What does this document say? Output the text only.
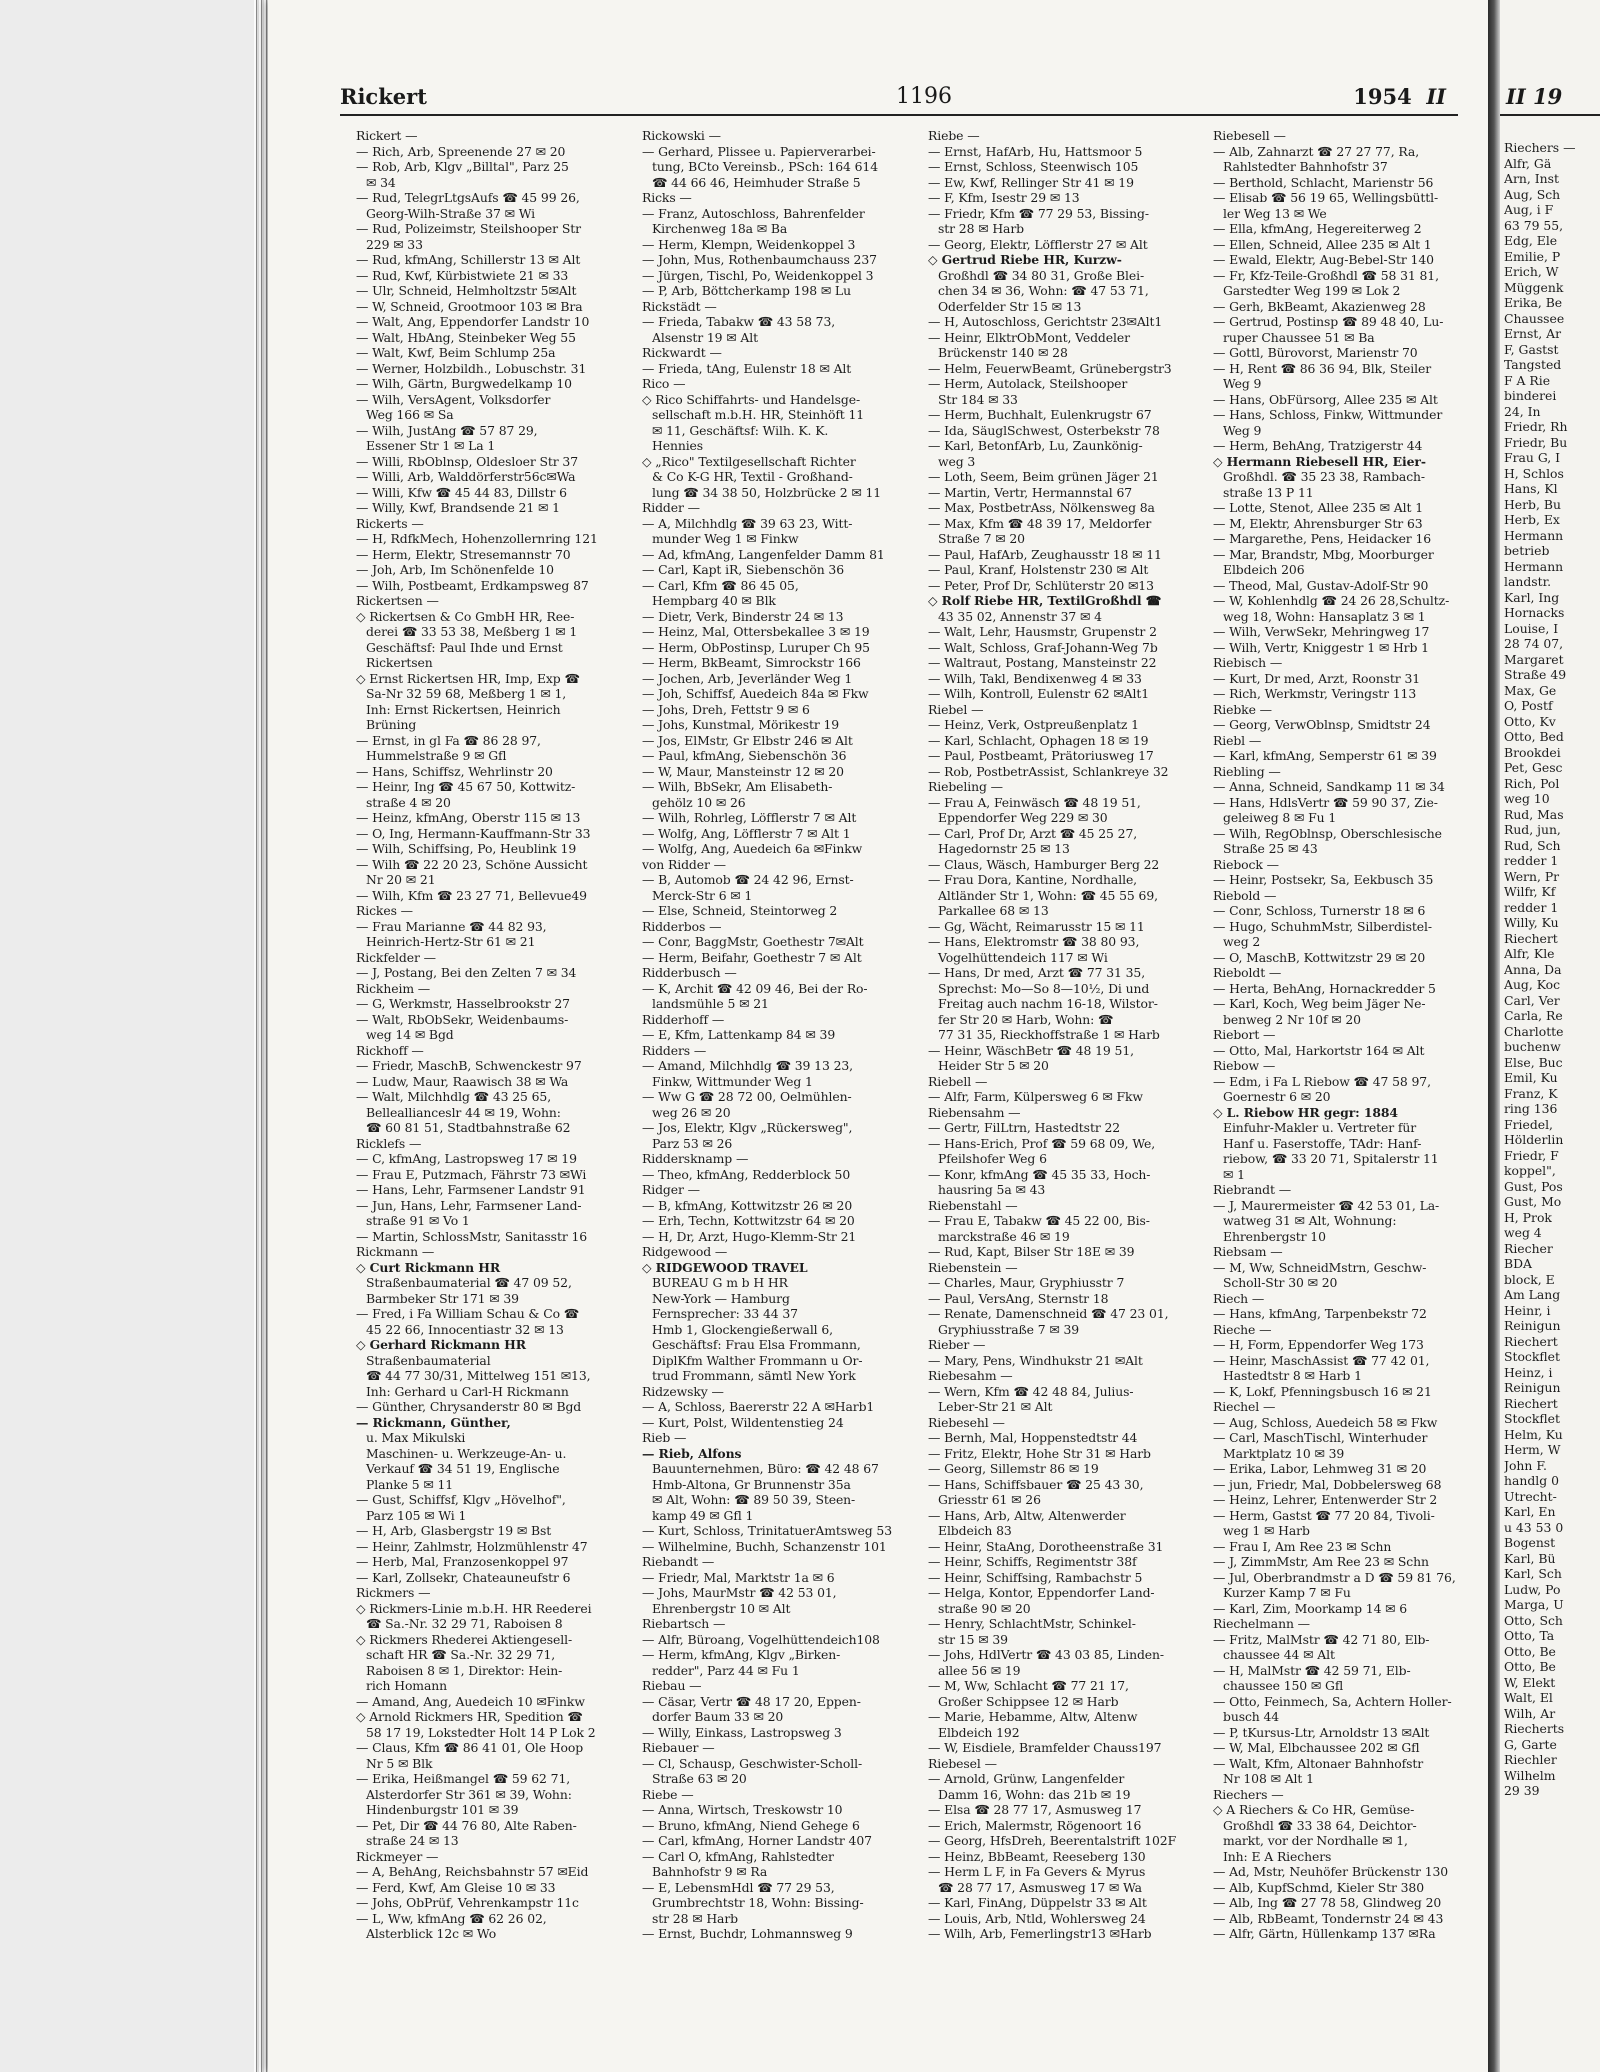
Rickert	1196	1954 II
Rickert —
— Rich, Arb, Spreenende 27 ✉ 20
— Rob, Arb, Klgv „Billtal", Parz 25
✉ 34
— Rud, TelegrLtgsAufs ☎ 45 99 26,
Georg-Wilh-Straße 37 ✉ Wi
— Rud, Polizeimstr, Steilshooper Str
229 ✉ 33
— Rud, kfmAng, Schillerstr 13 ✉ Alt
— Rud, Kwf, Kürbistwiete 21 ✉ 33
— Ulr, Schneid, Helmholtzstr 5✉Alt
— W, Schneid, Grootmoor 103 ✉ Bra
— Walt, Ang, Eppendorfer Landstr 10
— Walt, HbAng, Steinbeker Weg 55
— Walt, Kwf, Beim Schlump 25a
— Werner, Holzbildh., Lobuschstr. 31
— Wilh, Gärtn, Burgwedelkamp 10
— Wilh, VersAgent, Volksdorfer
Weg 166 ✉ Sa
— Wilh, JustAng ☎ 57 87 29,
Essener Str 1 ✉ La 1
— Willi, RbOblnsp, Oldesloer Str 37
— Willi, Arb, Walddörferstr56c✉Wa
— Willi, Kfw ☎ 45 44 83, Dillstr 6
— Willy, Kwf, Brandsende 21 ✉ 1
Rickerts —
— H, RdfkMech, Hohenzollernring 121
— Herm, Elektr, Stresemannstr 70
— Joh, Arb, Im Schönenfelde 10
— Wilh, Postbeamt, Erdkampsweg 87
Rickertsen —
◇ Rickertsen & Co GmbH HR, Ree-
derei ☎ 33 53 38, Meßberg 1 ✉ 1
Geschäftsf: Paul Ihde und Ernst
Rickertsen
◇ Ernst Rickertsen HR, Imp, Exp ☎
Sa-Nr 32 59 68, Meßberg 1 ✉ 1,
Inh: Ernst Rickertsen, Heinrich
Brüning
— Ernst, in gl Fa ☎ 86 28 97,
Hummelstraße 9 ✉ Gfl
— Hans, Schiffsz, Wehrlinstr 20
— Heinr, Ing ☎ 45 67 50, Kottwitz-
straße 4 ✉ 20
— Heinz, kfmAng, Oberstr 115 ✉ 13
— O, Ing, Hermann-Kauffmann-Str 33
— Wilh, Schiffsing, Po, Heublink 19
— Wilh ☎ 22 20 23, Schöne Aussicht
Nr 20 ✉ 21
— Wilh, Kfm ☎ 23 27 71, Bellevue49
Rickes —
— Frau Marianne ☎ 44 82 93,
Heinrich-Hertz-Str 61 ✉ 21
Rickfelder —
— J, Postang, Bei den Zelten 7 ✉ 34
Rickheim —
— G, Werkmstr, Hasselbrookstr 27
— Walt, RbObSekr, Weidenbaums-
weg 14 ✉ Bgd
Rickhoff —
— Friedr, MaschB, Schwenckestr 97
— Ludw, Maur, Raawisch 38 ✉ Wa
— Walt, Milchhdlg ☎ 43 25 65,
Belleallianceslr 44 ✉ 19, Wohn:
☎ 60 81 51, Stadtbahnstraße 62
Ricklefs —
— C, kfmAng, Lastropsweg 17 ✉ 19
— Frau E, Putzmach, Fährstr 73 ✉Wi
— Hans, Lehr, Farmsener Landstr 91
— Jun, Hans, Lehr, Farmsener Land-
straße 91 ✉ Vo 1
— Martin, SchlossMstr, Sanitasstr 16
Rickmann —
◇ Curt Rickmann HR
Straßenbaumaterial ☎ 47 09 52,
Barmbeker Str 171 ✉ 39
— Fred, i Fa William Schau & Co ☎
45 22 66, Innocentiastr 32 ✉ 13
◇ Gerhard Rickmann HR
Straßenbaumaterial
☎ 44 77 30/31, Mittelweg 151 ✉13,
Inh: Gerhard u Carl-H Rickmann
— Günther, Chrysanderstr 80 ✉ Bgd
— Rickmann, Günther,
u. Max Mikulski
Maschinen- u. Werkzeuge-An- u.
Verkauf ☎ 34 51 19, Englische
Planke 5 ✉ 11
— Gust, Schiffsf, Klgv „Hövelhof",
Parz 105 ✉ Wi 1
— H, Arb, Glasbergstr 19 ✉ Bst
— Heinr, Zahlmstr, Holzmühlenstr 47
— Herb, Mal, Franzosenkoppel 97
— Karl, Zollsekr, Chateauneufstr 6
Rickmers —
◇ Rickmers-Linie m.b.H. HR Reederei
☎ Sa.-Nr. 32 29 71, Raboisen 8
◇ Rickmers Rhederei Aktiengesell-
schaft HR ☎ Sa.-Nr. 32 29 71,
Raboisen 8 ✉ 1, Direktor: Hein-
rich Homann
— Amand, Ang, Auedeich 10 ✉Finkw
◇ Arnold Rickmers HR, Spedition ☎
58 17 19, Lokstedter Holt 14 P Lok 2
— Claus, Kfm ☎ 86 41 01, Ole Hoop
Nr 5 ✉ Blk
— Erika, Heißmangel ☎ 59 62 71,
Alsterdorfer Str 361 ✉ 39, Wohn:
Hindenburgstr 101 ✉ 39
— Pet, Dir ☎ 44 76 80, Alte Raben-
straße 24 ✉ 13
Rickmeyer —
— A, BehAng, Reichsbahnstr 57 ✉Eid
— Ferd, Kwf, Am Gleise 10 ✉ 33
— Johs, ObPrüf, Vehrenkampstr 11c
— L, Ww, kfmAng ☎ 62 26 02,
Alsterblick 12c ✉ Wo
Rickowski —
— Gerhard, Plissee u. Papierverarbei-
tung, BCto Vereinsb., PSch: 164 614
☎ 44 66 46, Heimhuder Straße 5
Ricks —
— Franz, Autoschloss, Bahrenfelder
Kirchenweg 18a ✉ Ba
— Herm, Klempn, Weidenkoppel 3
— John, Mus, Rothenbaumchauss 237
— Jürgen, Tischl, Po, Weidenkoppel 3
— P, Arb, Böttcherkamp 198 ✉ Lu
Rickstädt —
— Frieda, Tabakw ☎ 43 58 73,
Alsenstr 19 ✉ Alt
Rickwardt —
— Frieda, tAng, Eulenstr 18 ✉ Alt
Rico —
◇ Rico Schiffahrts- und Handelsge-
sellschaft m.b.H. HR, Steinhöft 11
✉ 11, Geschäftsf: Wilh. K. K.
Hennies
◇ „Rico" Textilgesellschaft Richter
& Co K-G HR, Textil - Großhand-
lung ☎ 34 38 50, Holzbrücke 2 ✉ 11
Ridder —
— A, Milchhdlg ☎ 39 63 23, Witt-
munder Weg 1 ✉ Finkw
— Ad, kfmAng, Langenfelder Damm 81
— Carl, Kapt iR, Siebenschön 36
— Carl, Kfm ☎ 86 45 05,
Hempbarg 40 ✉ Blk
— Dietr, Verk, Binderstr 24 ✉ 13
— Heinz, Mal, Ottersbekallee 3 ✉ 19
— Herm, ObPostinsp, Luruper Ch 95
— Herm, BkBeamt, Simrockstr 166
— Jochen, Arb, Jeverländer Weg 1
— Joh, Schiffsf, Auedeich 84a ✉ Fkw
— Johs, Dreh, Fettstr 9 ✉ 6
— Johs, Kunstmal, Mörikestr 19
— Jos, ElMstr, Gr Elbstr 246 ✉ Alt
— Paul, kfmAng, Siebenschön 36
— W, Maur, Mansteinstr 12 ✉ 20
— Wilh, BbSekr, Am Elisabeth-
gehölz 10 ✉ 26
— Wilh, Rohrleg, Löfflerstr 7 ✉ Alt
— Wolfg, Ang, Löfflerstr 7 ✉ Alt 1
— Wolfg, Ang, Auedeich 6a ✉Finkw
von Ridder —
— B, Automob ☎ 24 42 96, Ernst-
Merck-Str 6 ✉ 1
— Else, Schneid, Steintorweg 2
Ridderbos —
— Conr, BaggMstr, Goethestr 7✉Alt
— Herm, Beifahr, Goethestr 7 ✉ Alt
Ridderbusch —
— K, Archit ☎ 42 09 46, Bei der Ro-
landsmühle 5 ✉ 21
Ridderhoff —
— E, Kfm, Lattenkamp 84 ✉ 39
Ridders —
— Amand, Milchhdlg ☎ 39 13 23,
Finkw, Wittmunder Weg 1
— Ww G ☎ 28 72 00, Oelmühlen-
weg 26 ✉ 20
— Jos, Elektr, Klgv „Rückersweg",
Parz 53 ✉ 26
Riddersknamp —
— Theo, kfmAng, Redderblock 50
Ridger —
— B, kfmAng, Kottwitzstr 26 ✉ 20
— Erh, Techn, Kottwitzstr 64 ✉ 20
— H, Dr, Arzt, Hugo-Klemm-Str 21
Ridgewood —
◇ RIDGEWOOD TRAVEL
BUREAU G m b H HR
New-York — Hamburg
Fernsprecher: 33 44 37
Hmb 1, Glockengießerwall 6,
Geschäftsf: Frau Elsa Frommann,
DiplKfm Walther Frommann u Or-
trud Frommann, sämtl New York
Ridzewsky —
— A, Schloss, Baererstr 22 A ✉Harb1
— Kurt, Polst, Wildentenstieg 24
Rieb —
— Rieb, Alfons
Bauunternehmen, Büro: ☎ 42 48 67
Hmb-Altona, Gr Brunnenstr 35a
✉ Alt, Wohn: ☎ 89 50 39, Steen-
kamp 49 ✉ Gfl 1
— Kurt, Schloss, TrinitatuerAmtsweg 53
— Wilhelmine, Buchh, Schanzenstr 101
Riebandt —
— Friedr, Mal, Marktstr 1a ✉ 6
— Johs, MaurMstr ☎ 42 53 01,
Ehrenbergstr 10 ✉ Alt
Riebartsch —
— Alfr, Büroang, Vogelhüttendeich108
— Herm, kfmAng, Klgv „Birken-
redder", Parz 44 ✉ Fu 1
Riebau —
— Cäsar, Vertr ☎ 48 17 20, Eppen-
dorfer Baum 33 ✉ 20
— Willy, Einkass, Lastropsweg 3
Riebauer —
— Cl, Schausp, Geschwister-Scholl-
Straße 63 ✉ 20
Riebe —
— Anna, Wirtsch, Treskowstr 10
— Bruno, kfmAng, Niend Gehege 6
— Carl, kfmAng, Horner Landstr 407
— Carl O, kfmAng, Rahlstedter
Bahnhofstr 9 ✉ Ra
— E, LebensmHdl ☎ 77 29 53,
Grumbrechtstr 18, Wohn: Bissing-
str 28 ✉ Harb
— Ernst, Buchdr, Lohmannsweg 9
Riebe —
— Ernst, HafArb, Hu, Hattsmoor 5
— Ernst, Schloss, Steenwisch 105
— Ew, Kwf, Rellinger Str 41 ✉ 19
— F, Kfm, Isestr 29 ✉ 13
— Friedr, Kfm ☎ 77 29 53, Bissing-
str 28 ✉ Harb
— Georg, Elektr, Löfflerstr 27 ✉ Alt
◇ Gertrud Riebe HR, Kurzw-
Großhdl ☎ 34 80 31, Große Blei-
chen 34 ✉ 36, Wohn: ☎ 47 53 71,
Oderfelder Str 15 ✉ 13
— H, Autoschloss, Gerichtstr 23✉Alt1
— Heinr, ElktrObMont, Veddeler
Brückenstr 140 ✉ 28
— Helm, FeuerwBeamt, Grünebergstr3
— Herm, Autolack, Steilshooper
Str 184 ✉ 33
— Herm, Buchhalt, Eulenkrugstr 67
— Ida, SäuglSchwest, Osterbekstr 78
— Karl, BetonfArb, Lu, Zaunkönig-
weg 3
— Loth, Seem, Beim grünen Jäger 21
— Martin, Vertr, Hermannstal 67
— Max, PostbetrAss, Nölkensweg 8a
— Max, Kfm ☎ 48 39 17, Meldorfer
Straße 7 ✉ 20
— Paul, HafArb, Zeughausstr 18 ✉ 11
— Paul, Kranf, Holstenstr 230 ✉ Alt
— Peter, Prof Dr, Schlüterstr 20 ✉13
◇ Rolf Riebe HR, TextilGroßhdl ☎
43 35 02, Annenstr 37 ✉ 4
— Walt, Lehr, Hausmstr, Grupenstr 2
— Walt, Schloss, Graf-Johann-Weg 7b
— Waltraut, Postang, Mansteinstr 22
— Wilh, Takl, Bendixenweg 4 ✉ 33
— Wilh, Kontroll, Eulenstr 62 ✉Alt1
Riebel —
— Heinz, Verk, Ostpreußenplatz 1
— Karl, Schlacht, Ophagen 18 ✉ 19
— Paul, Postbeamt, Prätoriusweg 17
— Rob, PostbetrAssist, Schlankreye 32
Riebeling —
— Frau A, Feinwäsch ☎ 48 19 51,
Eppendorfer Weg 229 ✉ 30
— Carl, Prof Dr, Arzt ☎ 45 25 27,
Hagedornstr 25 ✉ 13
— Claus, Wäsch, Hamburger Berg 22
— Frau Dora, Kantine, Nordhalle,
Altländer Str 1, Wohn: ☎ 45 55 69,
Parkallee 68 ✉ 13
— Gg, Wächt, Reimarusstr 15 ✉ 11
— Hans, Elektromstr ☎ 38 80 93,
Vogelhüttendeich 117 ✉ Wi
— Hans, Dr med, Arzt ☎ 77 31 35,
Sprechst: Mo—So 8—10½, Di und
Freitag auch nachm 16-18, Wilstor-
fer Str 20 ✉ Harb, Wohn: ☎
77 31 35, Rieckhoffstraße 1 ✉ Harb
— Heinr, WäschBetr ☎ 48 19 51,
Heider Str 5 ✉ 20
Riebell —
— Alfr, Farm, Külpersweg 6 ✉ Fkw
Riebensahm —
— Gertr, FilLtrn, Hastedtstr 22
— Hans-Erich, Prof ☎ 59 68 09, We,
Pfeilshofer Weg 6
— Konr, kfmAng ☎ 45 35 33, Hoch-
hausring 5a ✉ 43
Riebenstahl —
— Frau E, Tabakw ☎ 45 22 00, Bis-
marckstraße 46 ✉ 19
— Rud, Kapt, Bilser Str 18E ✉ 39
Riebenstein —
— Charles, Maur, Gryphiusstr 7
— Paul, VersAng, Sternstr 18
— Renate, Damenschneid ☎ 47 23 01,
Gryphiusstraße 7 ✉ 39
Rieber —
— Mary, Pens, Windhukstr 21 ✉Alt
Riebesahm —
— Wern, Kfm ☎ 42 48 84, Julius-
Leber-Str 21 ✉ Alt
Riebesehl —
— Bernh, Mal, Hoppenstedtstr 44
— Fritz, Elektr, Hohe Str 31 ✉ Harb
— Georg, Sillemstr 86 ✉ 19
— Hans, Schiffsbauer ☎ 25 43 30,
Griesstr 61 ✉ 26
— Hans, Arb, Altw, Altenwerder
Elbdeich 83
— Heinr, StaAng, Dorotheenstraße 31
— Heinr, Schiffs, Regimentstr 38f
— Heinr, Schiffsing, Rambachstr 5
— Helga, Kontor, Eppendorfer Land-
straße 90 ✉ 20
— Henry, SchlachtMstr, Schinkel-
str 15 ✉ 39
— Johs, HdlVertr ☎ 43 03 85, Linden-
allee 56 ✉ 19
— M, Ww, Schlacht ☎ 77 21 17,
Großer Schippsee 12 ✉ Harb
— Marie, Hebamme, Altw, Altenw
Elbdeich 192
— W, Eisdiele, Bramfelder Chauss197
Riebesel —
— Arnold, Grünw, Langenfelder
Damm 16, Wohn: das 21b ✉ 19
— Elsa ☎ 28 77 17, Asmusweg 17
— Erich, Malermstr, Rögenoort 16
— Georg, HfsDreh, Beerentalstrift 102F
— Heinz, BbBeamt, Reeseberg 130
— Herm L F, in Fa Gevers & Myrus
☎ 28 77 17, Asmusweg 17 ✉ Wa
— Karl, FinAng, Düppelstr 33 ✉ Alt
— Louis, Arb, Ntld, Wohlersweg 24
— Wilh, Arb, Femerlingstr13 ✉Harb
Riebesell —
— Alb, Zahnarzt ☎ 27 27 77, Ra,
Rahlstedter Bahnhofstr 37
— Berthold, Schlacht, Marienstr 56
— Elisab ☎ 56 19 65, Wellingsbüttl-
ler Weg 13 ✉ We
— Ella, kfmAng, Hegereiterweg 2
— Ellen, Schneid, Allee 235 ✉ Alt 1
— Ewald, Elektr, Aug-Bebel-Str 140
— Fr, Kfz-Teile-Großhdl ☎ 58 31 81,
Garstedter Weg 199 ✉ Lok 2
— Gerh, BkBeamt, Akazienweg 28
— Gertrud, Postinsp ☎ 89 48 40, Lu-
ruper Chaussee 51 ✉ Ba
— Gottl, Bürovorst, Marienstr 70
— H, Rent ☎ 86 36 94, Blk, Steiler
Weg 9
— Hans, ObFürsorg, Allee 235 ✉ Alt
— Hans, Schloss, Finkw, Wittmunder
Weg 9
— Herm, BehAng, Tratzigerstr 44
◇ Hermann Riebesell HR, Eier-
Großhdl. ☎ 35 23 38, Rambach-
straße 13 P 11
— Lotte, Stenot, Allee 235 ✉ Alt 1
— M, Elektr, Ahrensburger Str 63
— Margarethe, Pens, Heidacker 16
— Mar, Brandstr, Mbg, Moorburger
Elbdeich 206
— Theod, Mal, Gustav-Adolf-Str 90
— W, Kohlenhdlg ☎ 24 26 28,Schultz-
weg 18, Wohn: Hansaplatz 3 ✉ 1
— Wilh, VerwSekr, Mehringweg 17
— Wilh, Vertr, Kniggestr 1 ✉ Hrb 1
Riebisch —
— Kurt, Dr med, Arzt, Roonstr 31
— Rich, Werkmstr, Veringstr 113
Riebke —
— Georg, VerwOblnsp, Smidtstr 24
Riebl —
— Karl, kfmAng, Semperstr 61 ✉ 39
Riebling —
— Anna, Schneid, Sandkamp 11 ✉ 34
— Hans, HdlsVertr ☎ 59 90 37, Zie-
geleiweg 8 ✉ Fu 1
— Wilh, RegOblnsp, Oberschlesische
Straße 25 ✉ 43
Riebock —
— Heinr, Postsekr, Sa, Eekbusch 35
Riebold —
— Conr, Schloss, Turnerstr 18 ✉ 6
— Hugo, SchuhmMstr, Silberdistel-
weg 2
— O, MaschB, Kottwitzstr 29 ✉ 20
Rieboldt —
— Herta, BehAng, Hornackredder 5
— Karl, Koch, Weg beim Jäger Ne-
benweg 2 Nr 10f ✉ 20
Riebort —
— Otto, Mal, Harkortstr 164 ✉ Alt
Riebow —
— Edm, i Fa L Riebow ☎ 47 58 97,
Goernestr 6 ✉ 20
◇ L. Riebow HR gegr: 1884
Einfuhr-Makler u. Vertreter für
Hanf u. Faserstoffe, TAdr: Hanf-
riebow, ☎ 33 20 71, Spitalerstr 11
✉ 1
Riebrandt —
— J, Maurermeister ☎ 42 53 01, La-
watweg 31 ✉ Alt, Wohnung:
Ehrenbergstr 10
Riebsam —
— M, Ww, SchneidMstrn, Geschw-
Scholl-Str 30 ✉ 20
Riech —
— Hans, kfmAng, Tarpenbekstr 72
Rieche —
— H, Form, Eppendorfer Weg 173
— Heinr, MaschAssist ☎ 77 42 01,
Hastedtstr 8 ✉ Harb 1
— K, Lokf, Pfenningsbusch 16 ✉ 21
Riechel —
— Aug, Schloss, Auedeich 58 ✉ Fkw
— Carl, MaschTischl, Winterhuder
Marktplatz 10 ✉ 39
— Erika, Labor, Lehmweg 31 ✉ 20
— jun, Friedr, Mal, Dobbelersweg 68
— Heinz, Lehrer, Entenwerder Str 2
— Herm, Gastst ☎ 77 20 84, Tivoli-
weg 1 ✉ Harb
— Frau I, Am Ree 23 ✉ Schn
— J, ZimmMstr, Am Ree 23 ✉ Schn
— Jul, Oberbrandmstr a D ☎ 59 81 76,
Kurzer Kamp 7 ✉ Fu
— Karl, Zim, Moorkamp 14 ✉ 6
Riechelmann —
— Fritz, MalMstr ☎ 42 71 80, Elb-
chaussee 44 ✉ Alt
— H, MalMstr ☎ 42 59 71, Elb-
chaussee 150 ✉ Gfl
— Otto, Feinmech, Sa, Achtern Holler-
busch 44
— P, tKursus-Ltr, Arnoldstr 13 ✉Alt
— W, Mal, Elbchaussee 202 ✉ Gfl
— Walt, Kfm, Altonaer Bahnhofstr
Nr 108 ✉ Alt 1
Riechers —
◇ A Riechers & Co HR, Gemüse-
Großhdl ☎ 33 38 64, Deichtor-
markt, vor der Nordhalle ✉ 1,
Inh: E A Riechers
— Ad, Mstr, Neuhöfer Brückenstr 130
— Alb, KupfSchmd, Kieler Str 380
— Alb, Ing ☎ 27 78 58, Glindweg 20
— Alb, RbBeamt, Tondernstr 24 ✉ 43
— Alfr, Gärtn, Hüllenkamp 137 ✉Ra
II 19
Riechers —
Alfr, Gä
Arn, Inst
Aug, Sch
Aug, i F
63 79 55,
Edg, Ele
Emilie, P
Erich, W
Müggenk
Erika, Be
Chaussee
Ernst, Ar
F, Gastst
Tangsted
F A Rie
binderei
24, In
Friedr, Rh
Friedr, Bu
Frau G, I
H, Schlos
Hans, Kl
Herb, Bu
Herb, Ex
Hermann
betrieb
Hermann
landstr.
Karl, Ing
Hornacks
Louise, I
28 74 07,
Margaret
Straße 49
Max, Ge
O, Postf
Otto, Kv
Otto, Bed
Brookdei
Pet, Gesc
Rich, Pol
weg 10
Rud, Mas
Rud, jun,
Rud, Sch
redder 1
Wern, Pr
Wilfr, Kf
redder 1
Willy, Ku
Riechert
Alfr, Kle
Anna, Da
Aug, Koc
Carl, Ver
Carla, Re
Charlotte
buchenw
Else, Buc
Emil, Ku
Franz, K
ring 136
Friedel,
Hölderlin
Friedr, F
koppel",
Gust, Pos
Gust, Mo
H, Prok
weg 4
Riecher
BDA
block, E
Am Lang
Heinr, i
Reinigun
Riechert
Stockflet
Heinz, i
Reinigun
Riechert
Stockflet
Helm, Ku
Herm, W
John F.
handlg 0
Utrecht-
Karl, En
u 43 53 0
Bogenst
Karl, Bü
Karl, Sch
Ludw, Po
Marga, U
Otto, Sch
Otto, Ta
Otto, Be
Otto, Be
W, Elekt
Walt, El
Wilh, Ar
Riecherts
G, Garte
Riechler
Wilhelm
29 39
